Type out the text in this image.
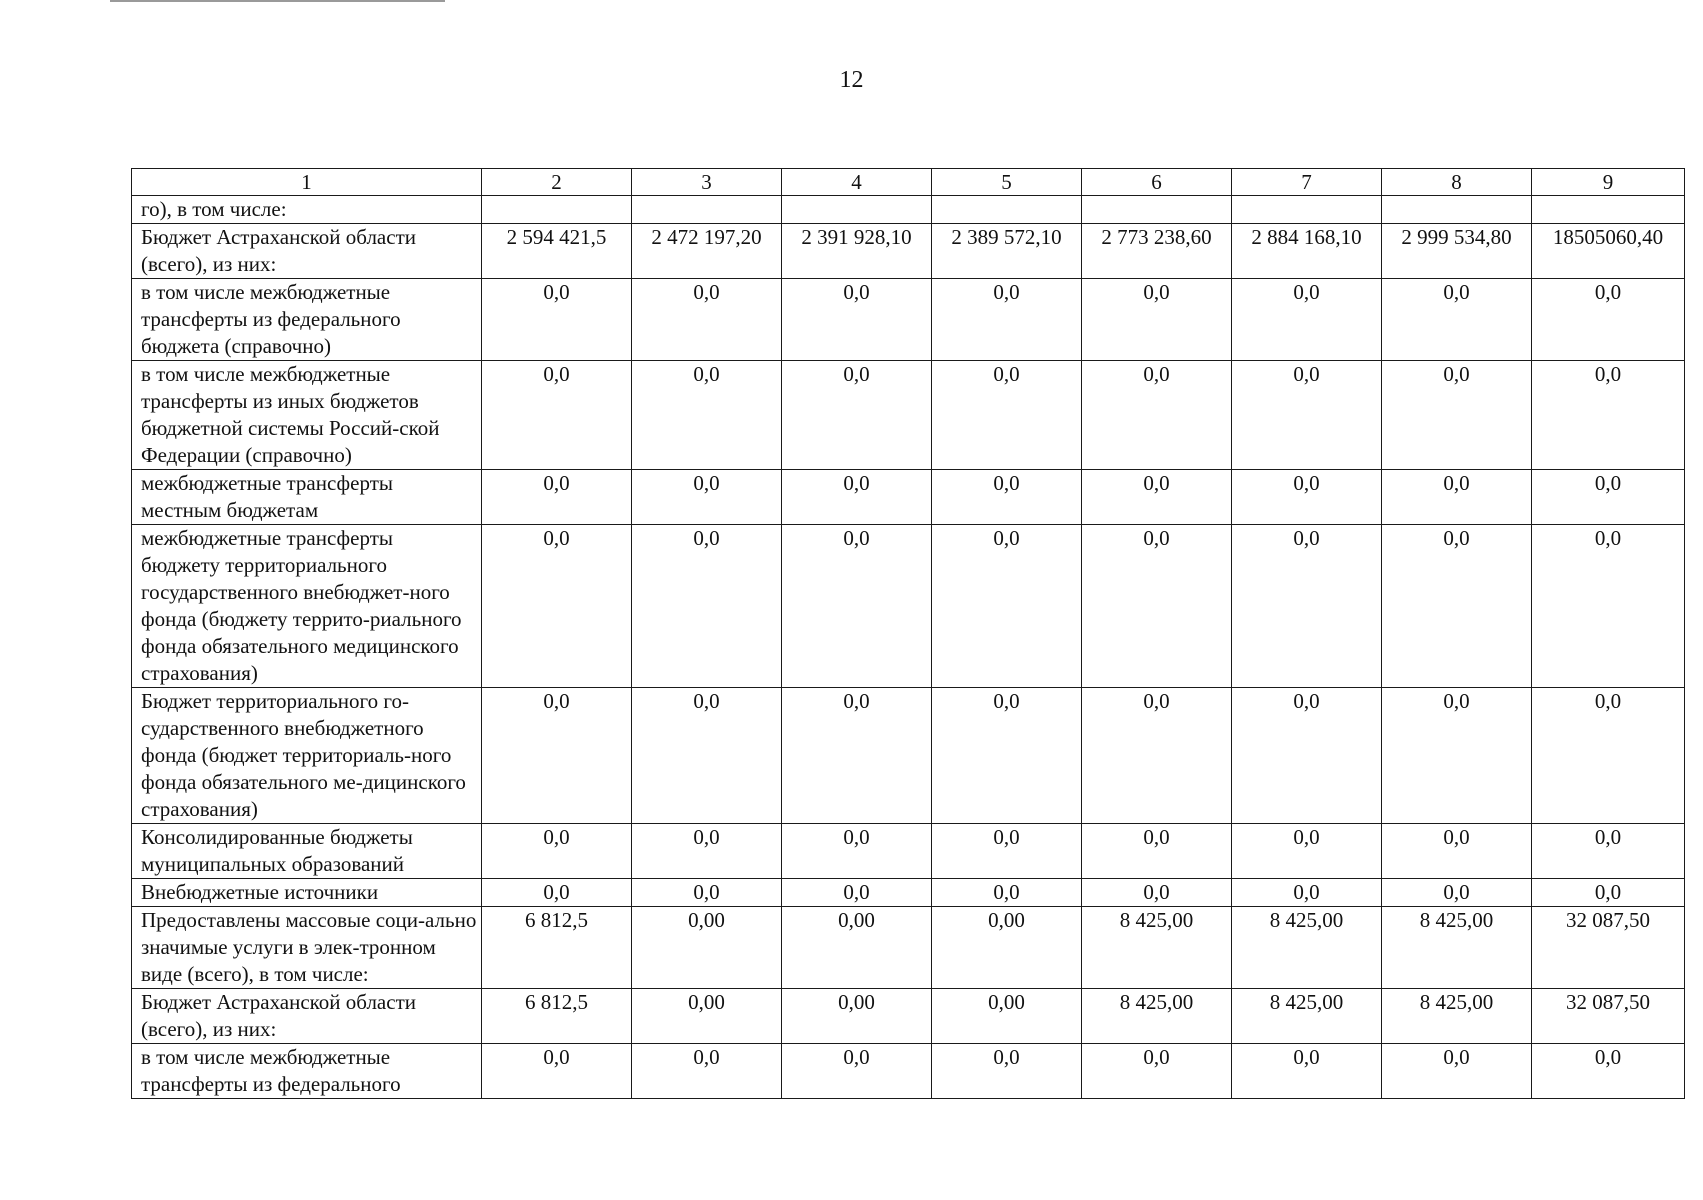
12
1	2	3	4	5	6	7	8	9
го), в том числе:								
Бюджет Астраханской области (всего), из них:	2 594 421,5	2 472 197,20	2 391 928,10	2 389 572,10	2 773 238,60	2 884 168,10	2 999 534,80	18505060,40
в том числе межбюджетные трансферты из федерального бюджета (справочно)	0,0	0,0	0,0	0,0	0,0	0,0	0,0	0,0
в том числе межбюджетные трансферты из иных бюджетов бюджетной системы Россий-ской Федерации (справочно)	0,0	0,0	0,0	0,0	0,0	0,0	0,0	0,0
межбюджетные трансферты местным бюджетам	0,0	0,0	0,0	0,0	0,0	0,0	0,0	0,0
межбюджетные трансферты бюджету территориального государственного внебюджет-ного фонда (бюджету террито-риального фонда обязательного медицинского страхования)	0,0	0,0	0,0	0,0	0,0	0,0	0,0	0,0
Бюджет территориального го-сударственного внебюджетного фонда (бюджет территориаль-ного фонда обязательного ме-дицинского страхования)	0,0	0,0	0,0	0,0	0,0	0,0	0,0	0,0
Консолидированные бюджеты муниципальных образований	0,0	0,0	0,0	0,0	0,0	0,0	0,0	0,0
Внебюджетные источники	0,0	0,0	0,0	0,0	0,0	0,0	0,0	0,0
Предоставлены массовые соци-ально значимые услуги в элек-тронном виде (всего), в том числе:	6 812,5	0,00	0,00	0,00	8 425,00	8 425,00	8 425,00	32 087,50
Бюджет Астраханской области (всего), из них:	6 812,5	0,00	0,00	0,00	8 425,00	8 425,00	8 425,00	32 087,50
в том числе межбюджетные трансферты из федерального	0,0	0,0	0,0	0,0	0,0	0,0	0,0	0,0
